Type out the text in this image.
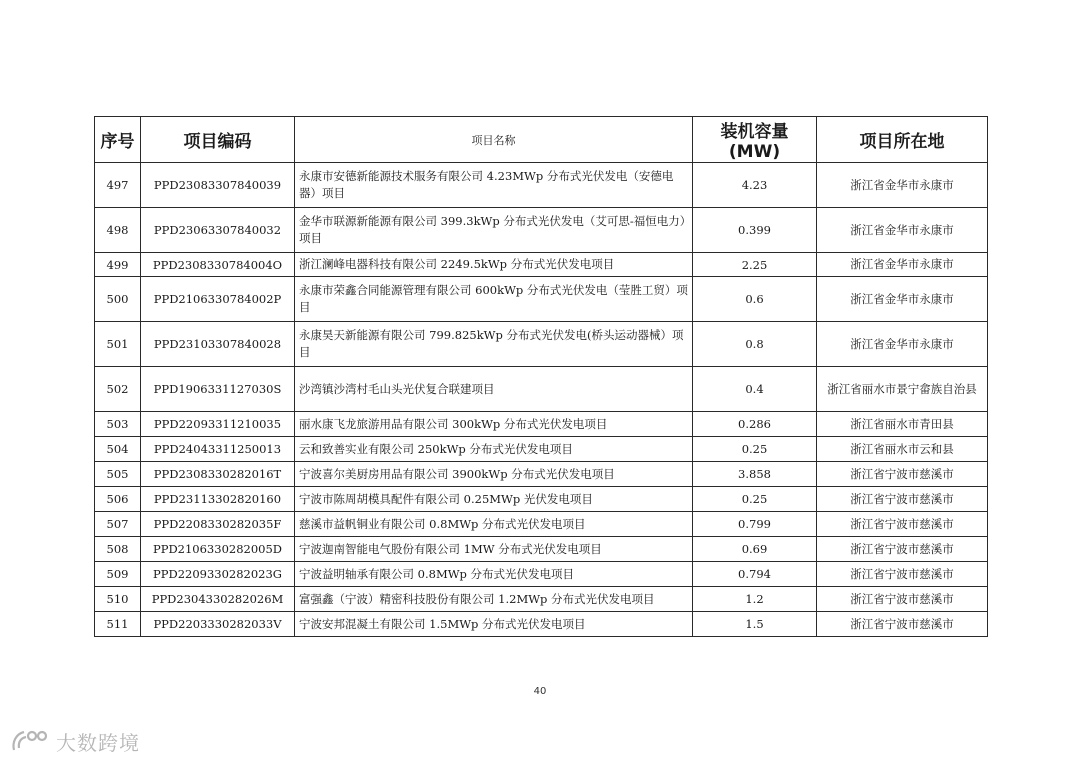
序号	项目编码	项目名称	装机容量(MW)	项目所在地
497	PPD23083307840039	永康市安德新能源技术服务有限公司 4.23MWp 分布式光伏发电（安德电器）项目	4.23	浙江省金华市永康市
498	PPD23063307840032	金华市联源新能源有限公司 399.3kWp 分布式光伏发电（艾可思-福恒电力）项目	0.399	浙江省金华市永康市
499	PPD2308330784004O	浙江澜峰电器科技有限公司 2249.5kWp 分布式光伏发电项目	2.25	浙江省金华市永康市
500	PPD2106330784002P	永康市荣鑫合同能源管理有限公司 600kWp 分布式光伏发电（莹胜工贸）项目	0.6	浙江省金华市永康市
501	PPD23103307840028	永康昊天新能源有限公司 799.825kWp 分布式光伏发电(桥头运动器械）项目	0.8	浙江省金华市永康市
502	PPD1906331127030S	沙湾镇沙湾村毛山头光伏复合联建项目	0.4	浙江省丽水市景宁畲族自治县
503	PPD22093311210035	丽水康飞龙旅游用品有限公司 300kWp 分布式光伏发电项目	0.286	浙江省丽水市青田县
504	PPD24043311250013	云和致善实业有限公司 250kWp 分布式光伏发电项目	0.25	浙江省丽水市云和县
505	PPD2308330282016T	宁波喜尔美厨房用品有限公司 3900kWp 分布式光伏发电项目	3.858	浙江省宁波市慈溪市
506	PPD23113302820160	宁波市陈周胡模具配件有限公司 0.25MWp 光伏发电项目	0.25	浙江省宁波市慈溪市
507	PPD2208330282035F	慈溪市益帆铜业有限公司 0.8MWp 分布式光伏发电项目	0.799	浙江省宁波市慈溪市
508	PPD2106330282005D	宁波迦南智能电气股份有限公司 1MW 分布式光伏发电项目	0.69	浙江省宁波市慈溪市
509	PPD2209330282023G	宁波益明轴承有限公司 0.8MWp 分布式光伏发电项目	0.794	浙江省宁波市慈溪市
510	PPD2304330282026M	富强鑫（宁波）精密科技股份有限公司 1.2MWp 分布式光伏发电项目	1.2	浙江省宁波市慈溪市
511	PPD2203330282033V	宁波安邦混凝土有限公司 1.5MWp 分布式光伏发电项目	1.5	浙江省宁波市慈溪市
40
大数跨境
